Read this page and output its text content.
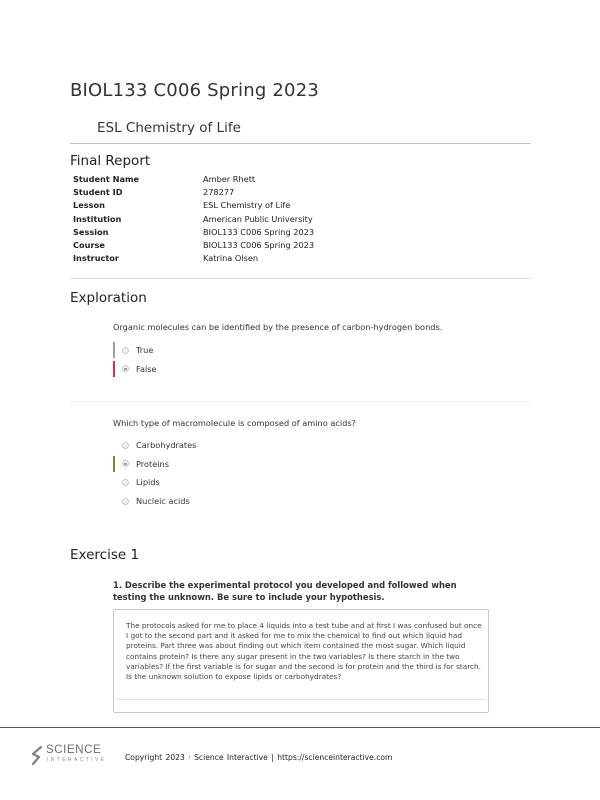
BIOL133 C006 Spring 2023
ESL Chemistry of Life
Final Report
Student Name	Amber Rhett
Student ID	278277
Lesson	ESL Chemistry of Life
Institution	American Public University
Session	BIOL133 C006 Spring 2023
Course	BIOL133 C006 Spring 2023
Instructor	Katrina Olsen
Exploration
Organic molecules can be identified by the presence of carbon-hydrogen bonds.
True
False
Which type of macromolecule is composed of amino acids?
Carbohydrates
Proteins
Lipids
Nucleic acids
Exercise 1
1. Describe the experimental protocol you developed and followed when testing the unknown. Be sure to include your hypothesis.
The protocols asked for me to place 4 liquids into a test tube and at first I was confused but once I got to the second part and it asked for me to mix the chemical to find out which liquid had proteins. Part three was about finding out which item contained the most sugar. Which liquid contains protein? Is there any sugar present in the two variables? Is there starch in the two variables? If the first variable is for sugar and the second is for protein and the third is for starch. Is the unknown solution to expose lipids or carbohydrates?
SCIENCE
INTERACTIVE Copyright 2023 · Science Interactive | https://scienceinteractive.com
